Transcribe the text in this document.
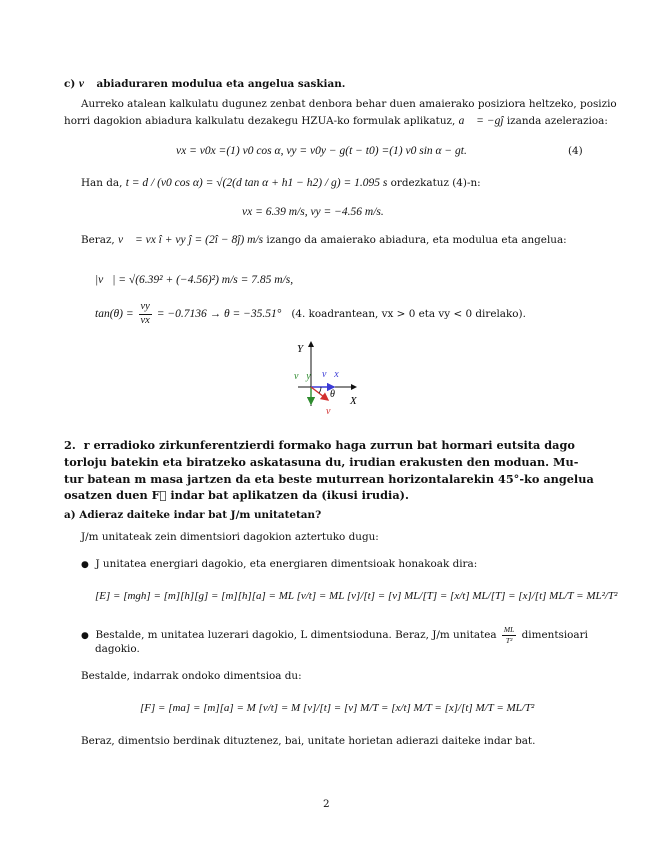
c) v⃗ abiaduraren modulua eta angelua saskian.
Aurreko atalean kalkulatu dugunez zenbat denbora behar duen amaierako posiziora heltzeko, posizio
horri dagokion abiadura kalkulatu dezakegu HZUA-ko formulak aplikatuz, a⃗ = −gĵ izanda azelerazioa:
vx = v0x =(1) v0 cos α, vy = v0y − g(t − t0) =(1) v0 sin α − gt.	(4)
Han da, t = d / (v0 cos α) = √(2(d tan α + h1 − h2) / g) = 1.095 s ordezkatuz (4)-n:
vx = 6.39 m/s, vy = −4.56 m/s.
Beraz, v⃗ = vx î + vy ĵ = (2î − 8ĵ) m/s izango da amaierako abiadura, eta modulua eta angelua:
|v⃗| = √(6.39² + (−4.56)²) m/s = 7.85 m/s,
$\tan(\theta) = \frac{vy}{vx} = -0.7136 \to \theta = -35.51^\circ$ (4. koadrantean, vx > 0 eta vy < 0 direlako).
Y
X
v⃗x
v⃗y
v⃗
θ
2. r erradioko zirkunferentzierdi formako haga zurrun bat hormari eutsita dago
torloju batekin eta biratzeko askatasuna du, irudian erakusten den moduan. Mu-
tur batean m masa jartzen da eta beste muturrean horizontalarekin 45°-ko angelua
osatzen duen F⃗ indar bat aplikatzen da (ikusi irudia).
a) Adieraz daiteke indar bat J/m unitatetan?
J/m unitateak zein dimentsiori dagokion aztertuko dugu:
● J unitatea energiari dagokio, eta energiaren dimentsioak honakoak dira:
[E] = [mgh] = [m][h][g] = [m][h][a] = ML [v/t] = ML [v]/[t] = [v] ML/[T] = [x/t] ML/[T] = [x]/[t] ML/T = ML²/T²
● Bestalde, m unitatea luzerari dagokio, L dimentsioduna. Beraz, J/m unitatea $\frac{ML}{\text{T²}}$ dimentsioari
dagokio.
Bestalde, indarrak ondoko dimentsioa du:
[F] = [ma] = [m][a] = M [v/t] = M [v]/[t] = [v] M/T = [x/t] M/T = [x]/[t] M/T = ML/T²
Beraz, dimentsio berdinak dituztenez, bai, unitate horietan adierazi daiteke indar bat.
2
